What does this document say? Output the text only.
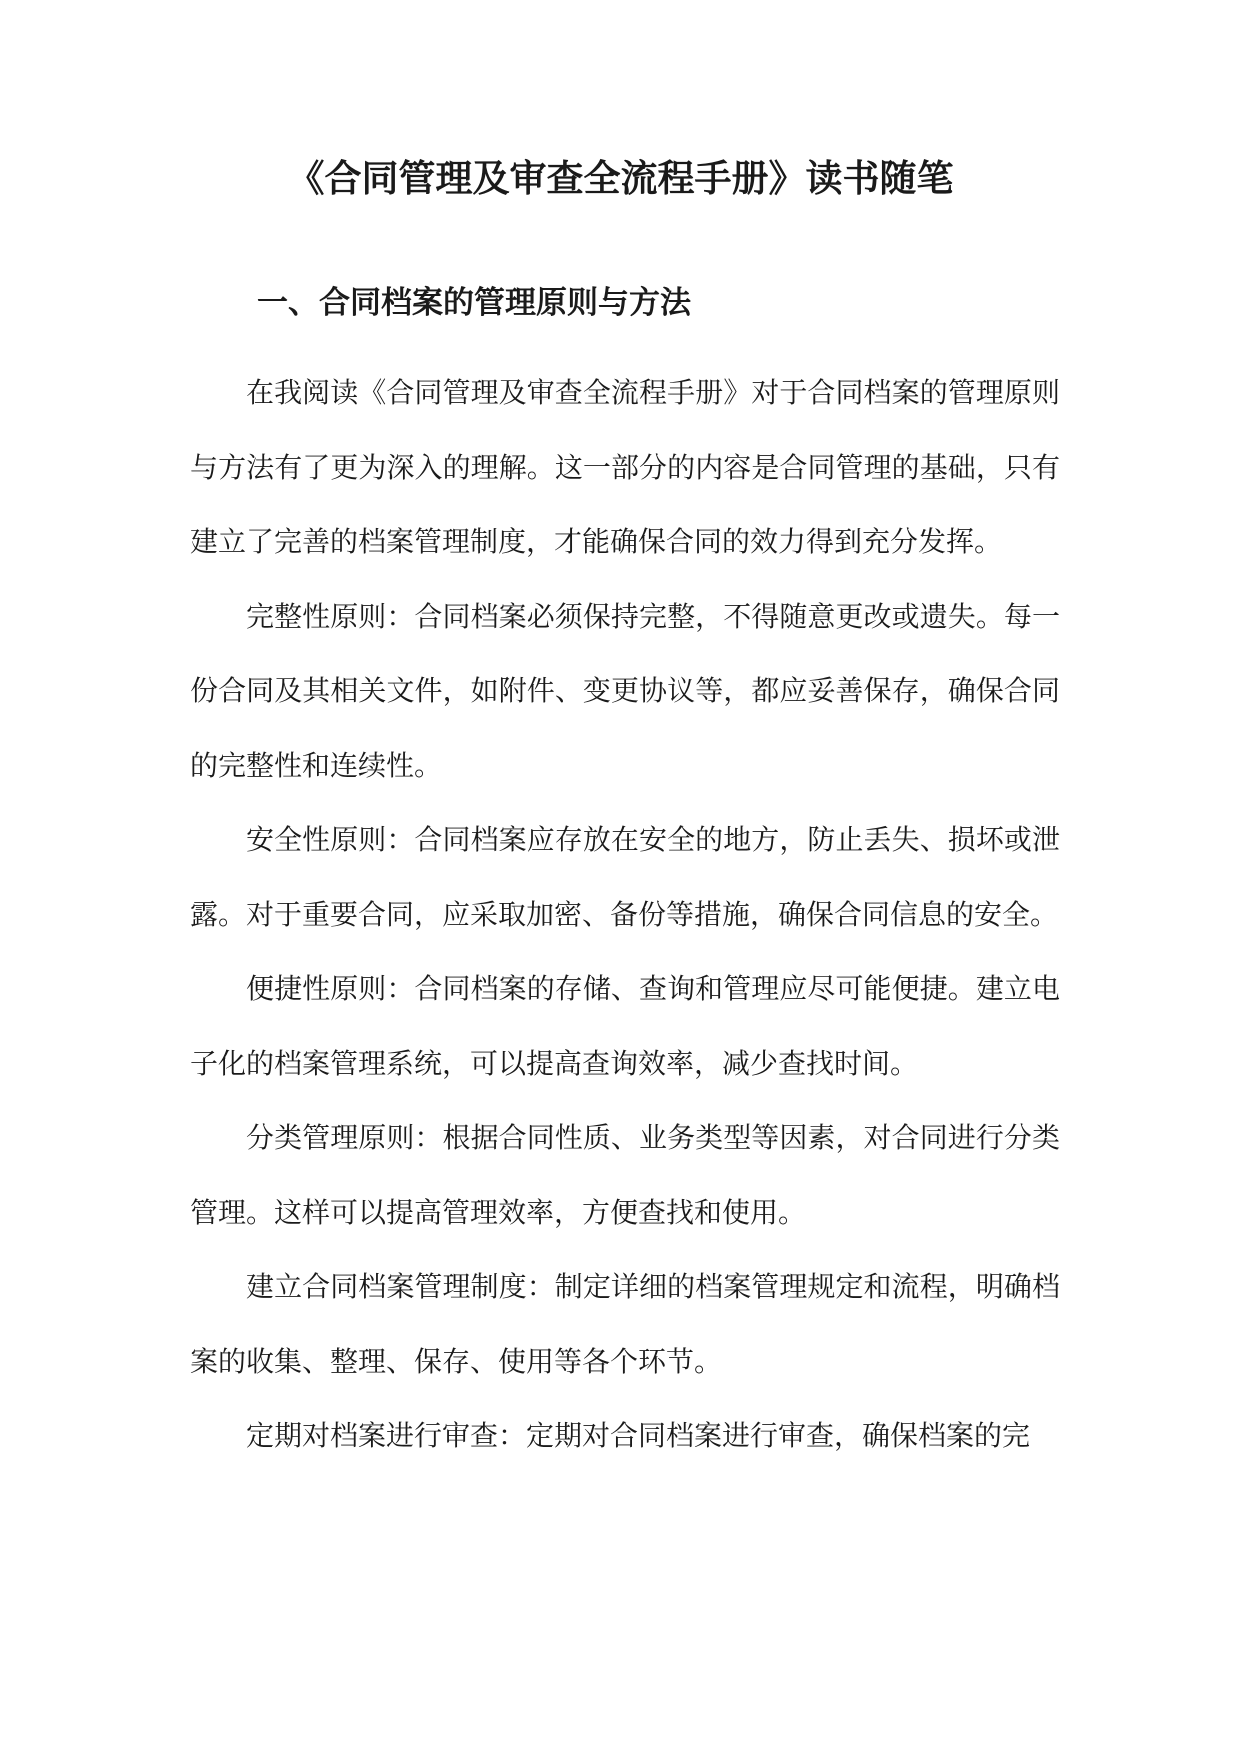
《合同管理及审查全流程手册》读书随笔
一、合同档案的管理原则与方法

在我阅读《合同管理及审查全流程手册》对于合同档案的管理原则与方法有了更为深入的理解。这一部分的内容是合同管理的基础，只有建立了完善的档案管理制度，才能确保合同的效力得到充分发挥。

完整性原则：合同档案必须保持完整，不得随意更改或遗失。每一份合同及其相关文件，如附件、变更协议等，都应妥善保存，确保合同的完整性和连续性。

安全性原则：合同档案应存放在安全的地方，防止丢失、损坏或泄露。对于重要合同，应采取加密、备份等措施，确保合同信息的安全。

便捷性原则：合同档案的存储、查询和管理应尽可能便捷。建立电子化的档案管理系统，可以提高查询效率，减少查找时间。

分类管理原则：根据合同性质、业务类型等因素，对合同进行分类管理。这样可以提高管理效率，方便查找和使用。

建立合同档案管理制度：制定详细的档案管理规定和流程，明确档案的收集、整理、保存、使用等各个环节。

定期对档案进行审查：定期对合同档案进行审查，确保档案的完
